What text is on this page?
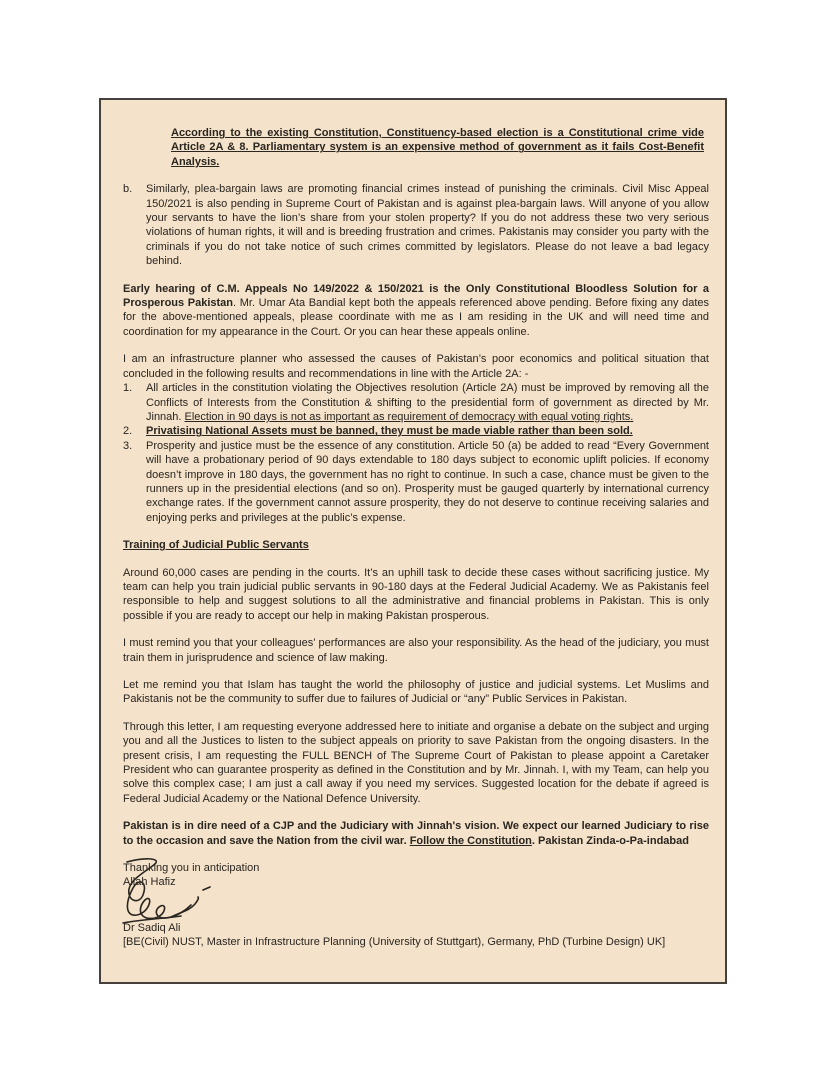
According to the existing Constitution, Constituency-based election is a Constitutional crime vide Article 2A & 8. Parliamentary system is an expensive method of government as it fails Cost-Benefit Analysis.
b.	Similarly, plea-bargain laws are promoting financial crimes instead of punishing the criminals. Civil Misc Appeal 150/2021 is also pending in Supreme Court of Pakistan and is against plea-bargain laws. Will anyone of you allow your servants to have the lion’s share from your stolen property? If you do not address these two very serious violations of human rights, it will and is breeding frustration and crimes. Pakistanis may consider you party with the criminals if you do not take notice of such crimes committed by legislators. Please do not leave a bad legacy behind.
Early hearing of C.M. Appeals No 149/2022 & 150/2021 is the Only Constitutional Bloodless Solution for a Prosperous Pakistan. Mr. Umar Ata Bandial kept both the appeals referenced above pending. Before fixing any dates for the above-mentioned appeals, please coordinate with me as I am residing in the UK and will need time and coordination for my appearance in the Court. Or you can hear these appeals online.
I am an infrastructure planner who assessed the causes of Pakistan’s poor economics and political situation that concluded in the following results and recommendations in line with the Article 2A: -
1.	All articles in the constitution violating the Objectives resolution (Article 2A) must be improved by removing all the Conflicts of Interests from the Constitution & shifting to the presidential form of government as directed by Mr. Jinnah. Election in 90 days is not as important as requirement of democracy with equal voting rights.
2.	Privatising National Assets must be banned, they must be made viable rather than been sold.
3.	Prosperity and justice must be the essence of any constitution. Article 50 (a) be added to read “Every Government will have a probationary period of 90 days extendable to 180 days subject to economic uplift policies. If economy doesn’t improve in 180 days, the government has no right to continue. In such a case, chance must be given to the runners up in the presidential elections (and so on). Prosperity must be gauged quarterly by international currency exchange rates. If the government cannot assure prosperity, they do not deserve to continue receiving salaries and enjoying perks and privileges at the public’s expense.
Training of Judicial Public Servants
Around 60,000 cases are pending in the courts. It’s an uphill task to decide these cases without sacrificing justice. My team can help you train judicial public servants in 90-180 days at the Federal Judicial Academy. We as Pakistanis feel responsible to help and suggest solutions to all the administrative and financial problems in Pakistan. This is only possible if you are ready to accept our help in making Pakistan prosperous.
I must remind you that your colleagues’ performances are also your responsibility. As the head of the judiciary, you must train them in jurisprudence and science of law making.
Let me remind you that Islam has taught the world the philosophy of justice and judicial systems. Let Muslims and Pakistanis not be the community to suffer due to failures of Judicial or “any” Public Services in Pakistan.
Through this letter, I am requesting everyone addressed here to initiate and organise a debate on the subject and urging you and all the Justices to listen to the subject appeals on priority to save Pakistan from the ongoing disasters. In the present crisis, I am requesting the FULL BENCH of The Supreme Court of Pakistan to please appoint a Caretaker President who can guarantee prosperity as defined in the Constitution and by Mr. Jinnah. I, with my Team, can help you solve this complex case; I am just a call away if you need my services. Suggested location for the debate if agreed is Federal Judicial Academy or the National Defence University.
Pakistan is in dire need of a CJP and the Judiciary with Jinnah's vision. We expect our learned Judiciary to rise to the occasion and save the Nation from the civil war. Follow the Constitution. Pakistan Zinda-o-Pa-indabad
Thanking you in anticipation
Allah Hafiz
Dr Sadiq Ali
[BE(Civil) NUST, Master in Infrastructure Planning (University of Stuttgart), Germany, PhD (Turbine Design) UK]
